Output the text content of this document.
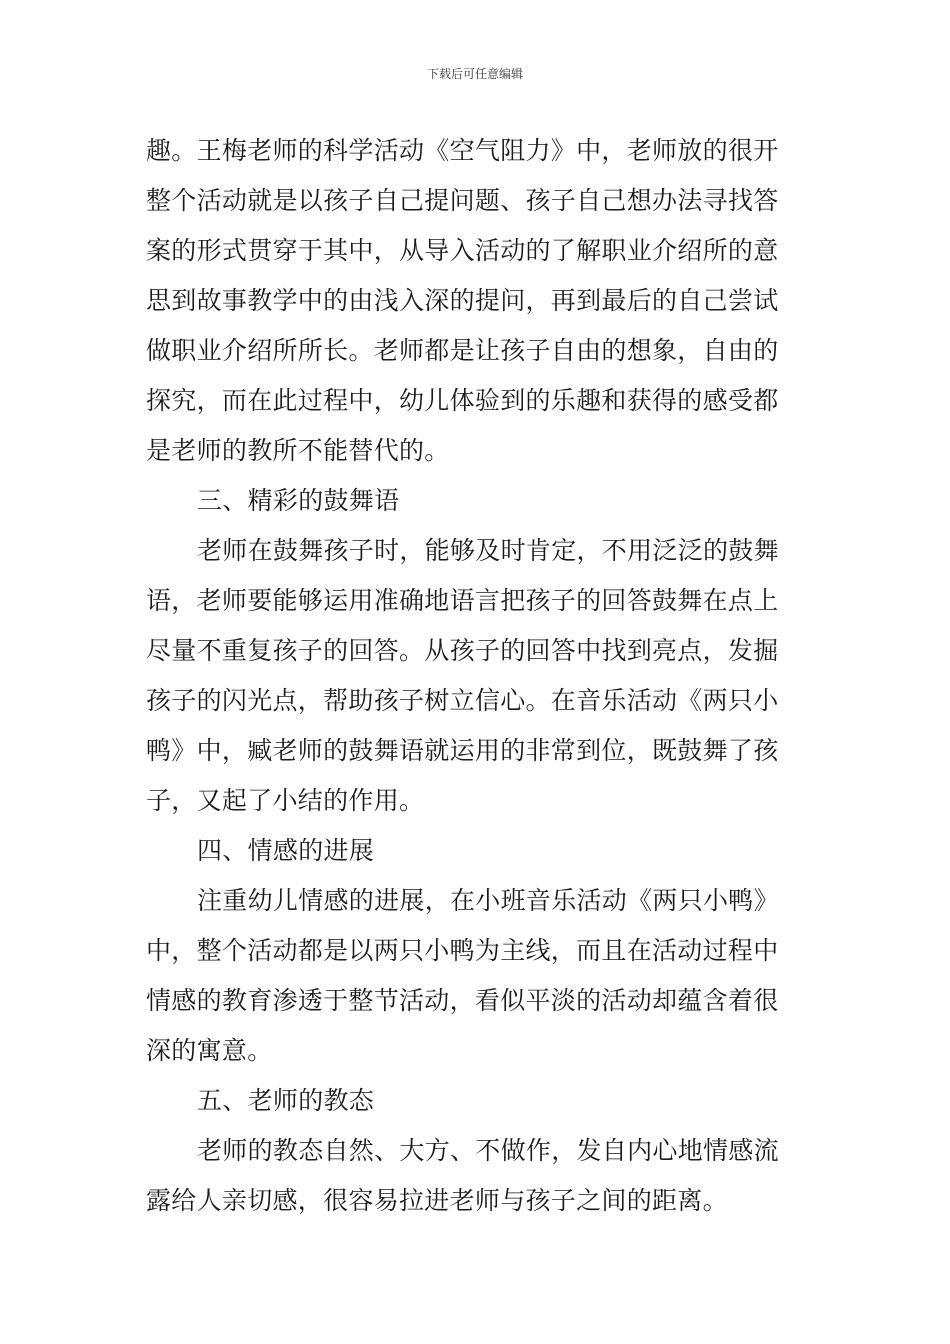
下载后可任意编辑
趣。王梅老师的科学活动《空气阻力》中，老师放的很开
整个活动就是以孩子自己提问题、孩子自己想办法寻找答
案的形式贯穿于其中，从导入活动的了解职业介绍所的意
思到故事教学中的由浅入深的提问，再到最后的自己尝试
做职业介绍所所长。老师都是让孩子自由的想象，自由的
探究，而在此过程中，幼儿体验到的乐趣和获得的感受都
是老师的教所不能替代的。
三、精彩的鼓舞语
老师在鼓舞孩子时，能够及时肯定，不用泛泛的鼓舞
语，老师要能够运用准确地语言把孩子的回答鼓舞在点上
尽量不重复孩子的回答。从孩子的回答中找到亮点，发掘
孩子的闪光点，帮助孩子树立信心。在音乐活动《两只小
鸭》中，臧老师的鼓舞语就运用的非常到位，既鼓舞了孩
子，又起了小结的作用。
四、情感的进展
注重幼儿情感的进展，在小班音乐活动《两只小鸭》
中，整个活动都是以两只小鸭为主线，而且在活动过程中
情感的教育渗透于整节活动，看似平淡的活动却蕴含着很
深的寓意。
五、老师的教态
老师的教态自然、大方、不做作，发自内心地情感流
露给人亲切感，很容易拉进老师与孩子之间的距离。
